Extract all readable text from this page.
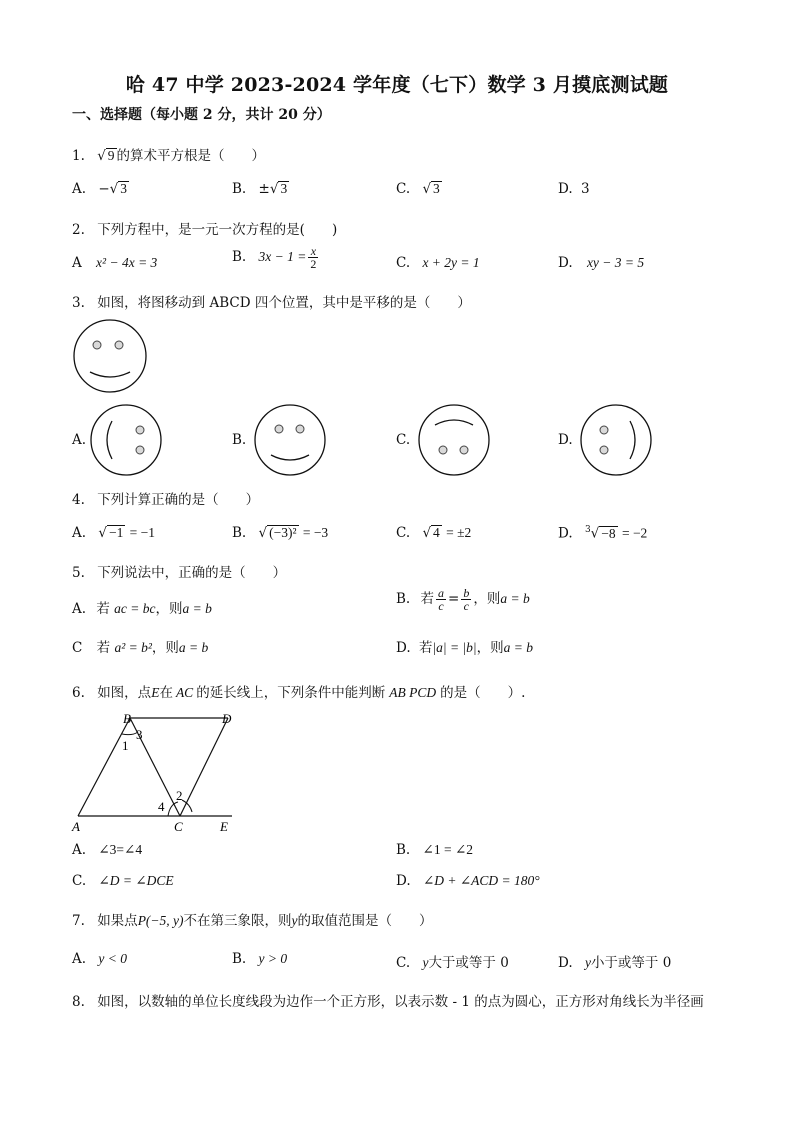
哈 47 中学 2023-2024 学年度（七下）数学 3 月摸底测试题
一、选择题（每小题 2 分，共计 20 分）
1. √ 9 的算术平方根是（　　）
A. −√ 3	B. ±√ 3	C. √ 3	D. 3
2. 下列方程中，是一元一次方程的是(　　)
A x² − 4x = 3	B. $3x - 1 = \frac{x}{2}$	C. x + 2y = 1	D. xy − 3 = 5
3. 如图，将图移动到 ABCD 四个位置，其中是平移的是（　　）
A.	B.	C.	D.
4. 下列计算正确的是（　　）
A. √ −1 = −1	B. √ (−3)² = −3	C. √ 4 = ±2	D. $^3$√ −8 = −2
5. 下列说法中，正确的是（　　）
A. 若 ac = bc，则a = b
B. 若 $\frac{a}{c} = \frac{b}{c}$ ，则a = b
C 若 a² = b²，则a = b	D. 若|a| = |b|，则a = b
6. 如图，点E在 AC 的延长线上，下列条件中能判断 AB PCD 的是（　　）.
B	D
A	C	E
1
2
3
4
A. ∠3=∠4	B. ∠1 = ∠2
C. ∠D = ∠DCE	D. ∠D + ∠ACD = 180°
7. 如果点P(−5, y)不在第三象限，则y的取值范围是（　　）
A. y < 0	B. y > 0	C. y大于或等于 0	D. y小于或等于 0
8. 如图，以数轴的单位长度线段为边作一个正方形，以表示数 - 1 的点为圆心，正方形对角线长为半径画
